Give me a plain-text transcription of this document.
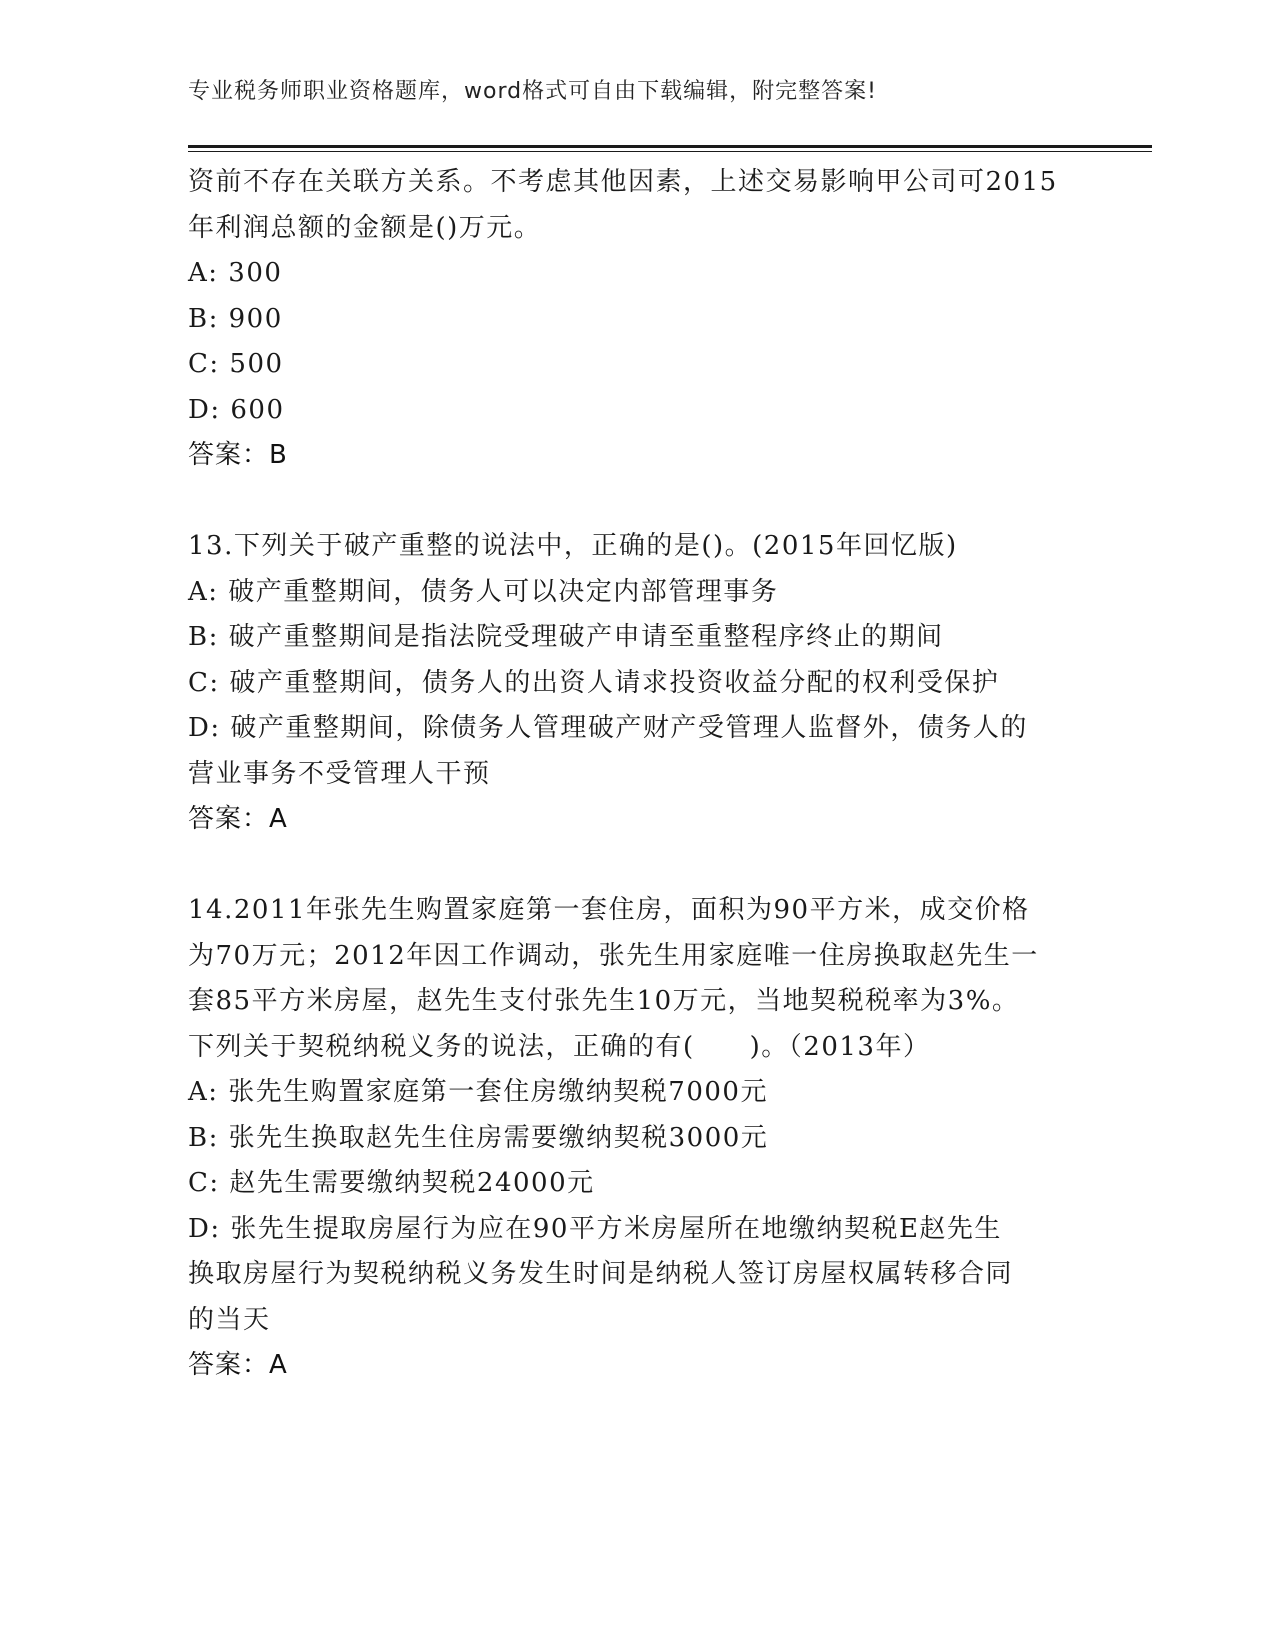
专业税务师职业资格题库，word格式可自由下载编辑，附完整答案!
资前不存在关联方关系。不考虑其他因素，上述交易影响甲公司可2015
年利润总额的金额是()万元。
A: 300
B: 900
C: 500
D: 600
答案：B
13.下列关于破产重整的说法中，正确的是()。(2015年回忆版)
A: 破产重整期间，债务人可以决定内部管理事务
B: 破产重整期间是指法院受理破产申请至重整程序终止的期间
C: 破产重整期间，债务人的出资人请求投资收益分配的权利受保护
D: 破产重整期间，除债务人管理破产财产受管理人监督外，债务人的
营业事务不受管理人干预
答案：A
14.2011年张先生购置家庭第一套住房，面积为90平方米，成交价格
为70万元；2012年因工作调动，张先生用家庭唯一住房换取赵先生一
套85平方米房屋，赵先生支付张先生10万元，当地契税税率为3%。
下列关于契税纳税义务的说法，正确的有(　　)。（2013年）
A: 张先生购置家庭第一套住房缴纳契税7000元
B: 张先生换取赵先生住房需要缴纳契税3000元
C: 赵先生需要缴纳契税24000元
D: 张先生提取房屋行为应在90平方米房屋所在地缴纳契税E赵先生
换取房屋行为契税纳税义务发生时间是纳税人签订房屋权属转移合同
的当天
答案：A
